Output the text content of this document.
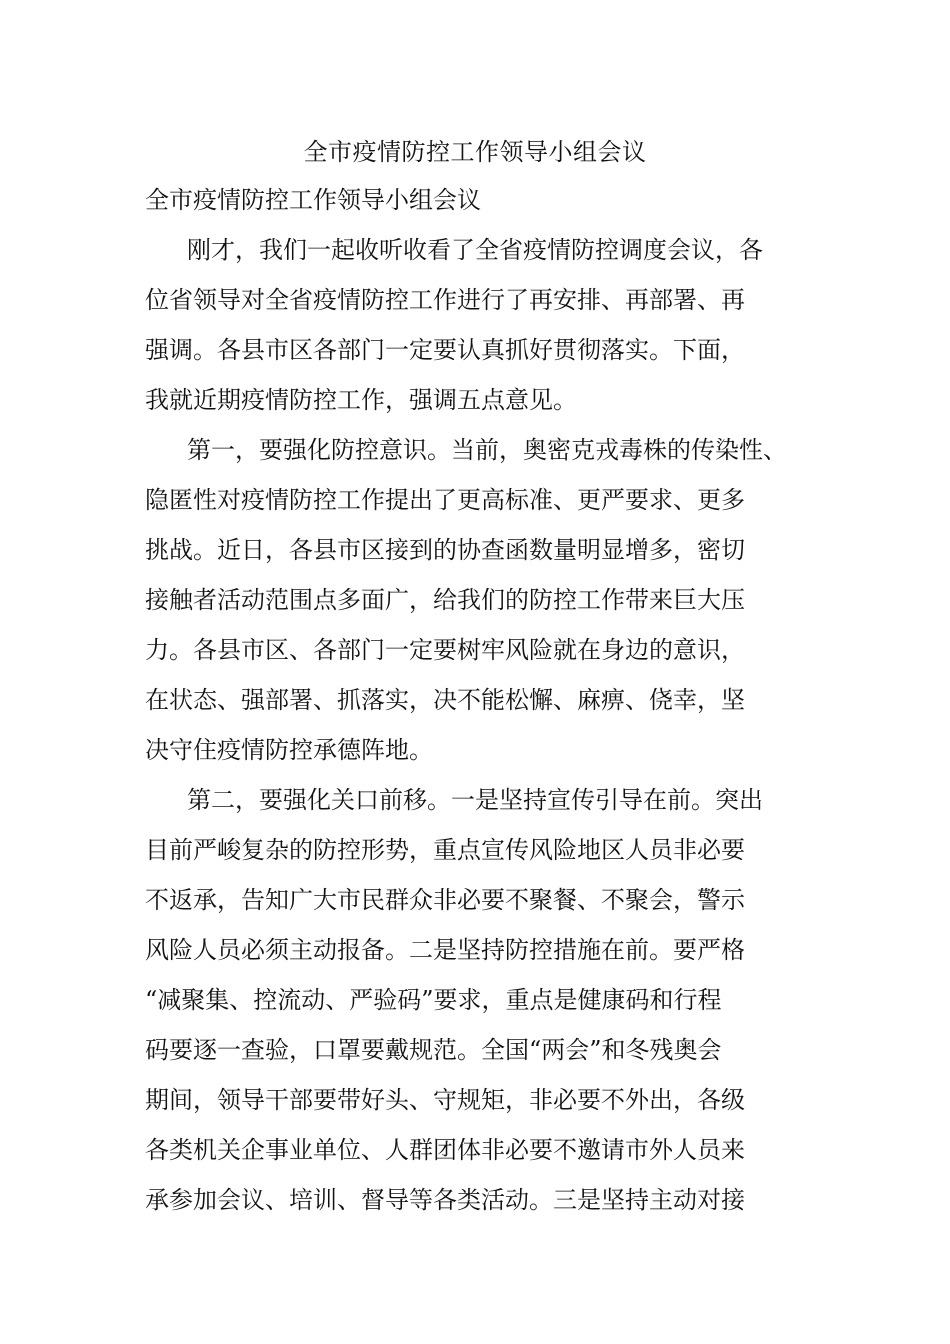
全市疫情防控工作领导小组会议

全市疫情防控工作领导小组会议

刚才，我们一起收听收看了全省疫情防控调度会议，各
位省领导对全省疫情防控工作进行了再安排、再部署、再
强调。各县市区各部门一定要认真抓好贯彻落实。下面，
我就近期疫情防控工作，强调五点意见。
第一，要强化防控意识。当前，奥密克戎毒株的传染性、
隐匿性对疫情防控工作提出了更高标准、更严要求、更多
挑战。近日，各县市区接到的协查函数量明显增多，密切
接触者活动范围点多面广，给我们的防控工作带来巨大压
力。各县市区、各部门一定要树牢风险就在身边的意识，
在状态、强部署、抓落实，决不能松懈、麻痹、侥幸，坚
决守住疫情防控承德阵地。
第二，要强化关口前移。一是坚持宣传引导在前。突出
目前严峻复杂的防控形势，重点宣传风险地区人员非必要
不返承，告知广大市民群众非必要不聚餐、不聚会，警示
风险人员必须主动报备。二是坚持防控措施在前。要严格
“减聚集、控流动、严验码”要求，重点是健康码和行程
码要逐一查验，口罩要戴规范。全国“两会”和冬残奥会
期间，领导干部要带好头、守规矩，非必要不外出，各级
各类机关企事业单位、人群团体非必要不邀请市外人员来
承参加会议、培训、督导等各类活动。三是坚持主动对接
